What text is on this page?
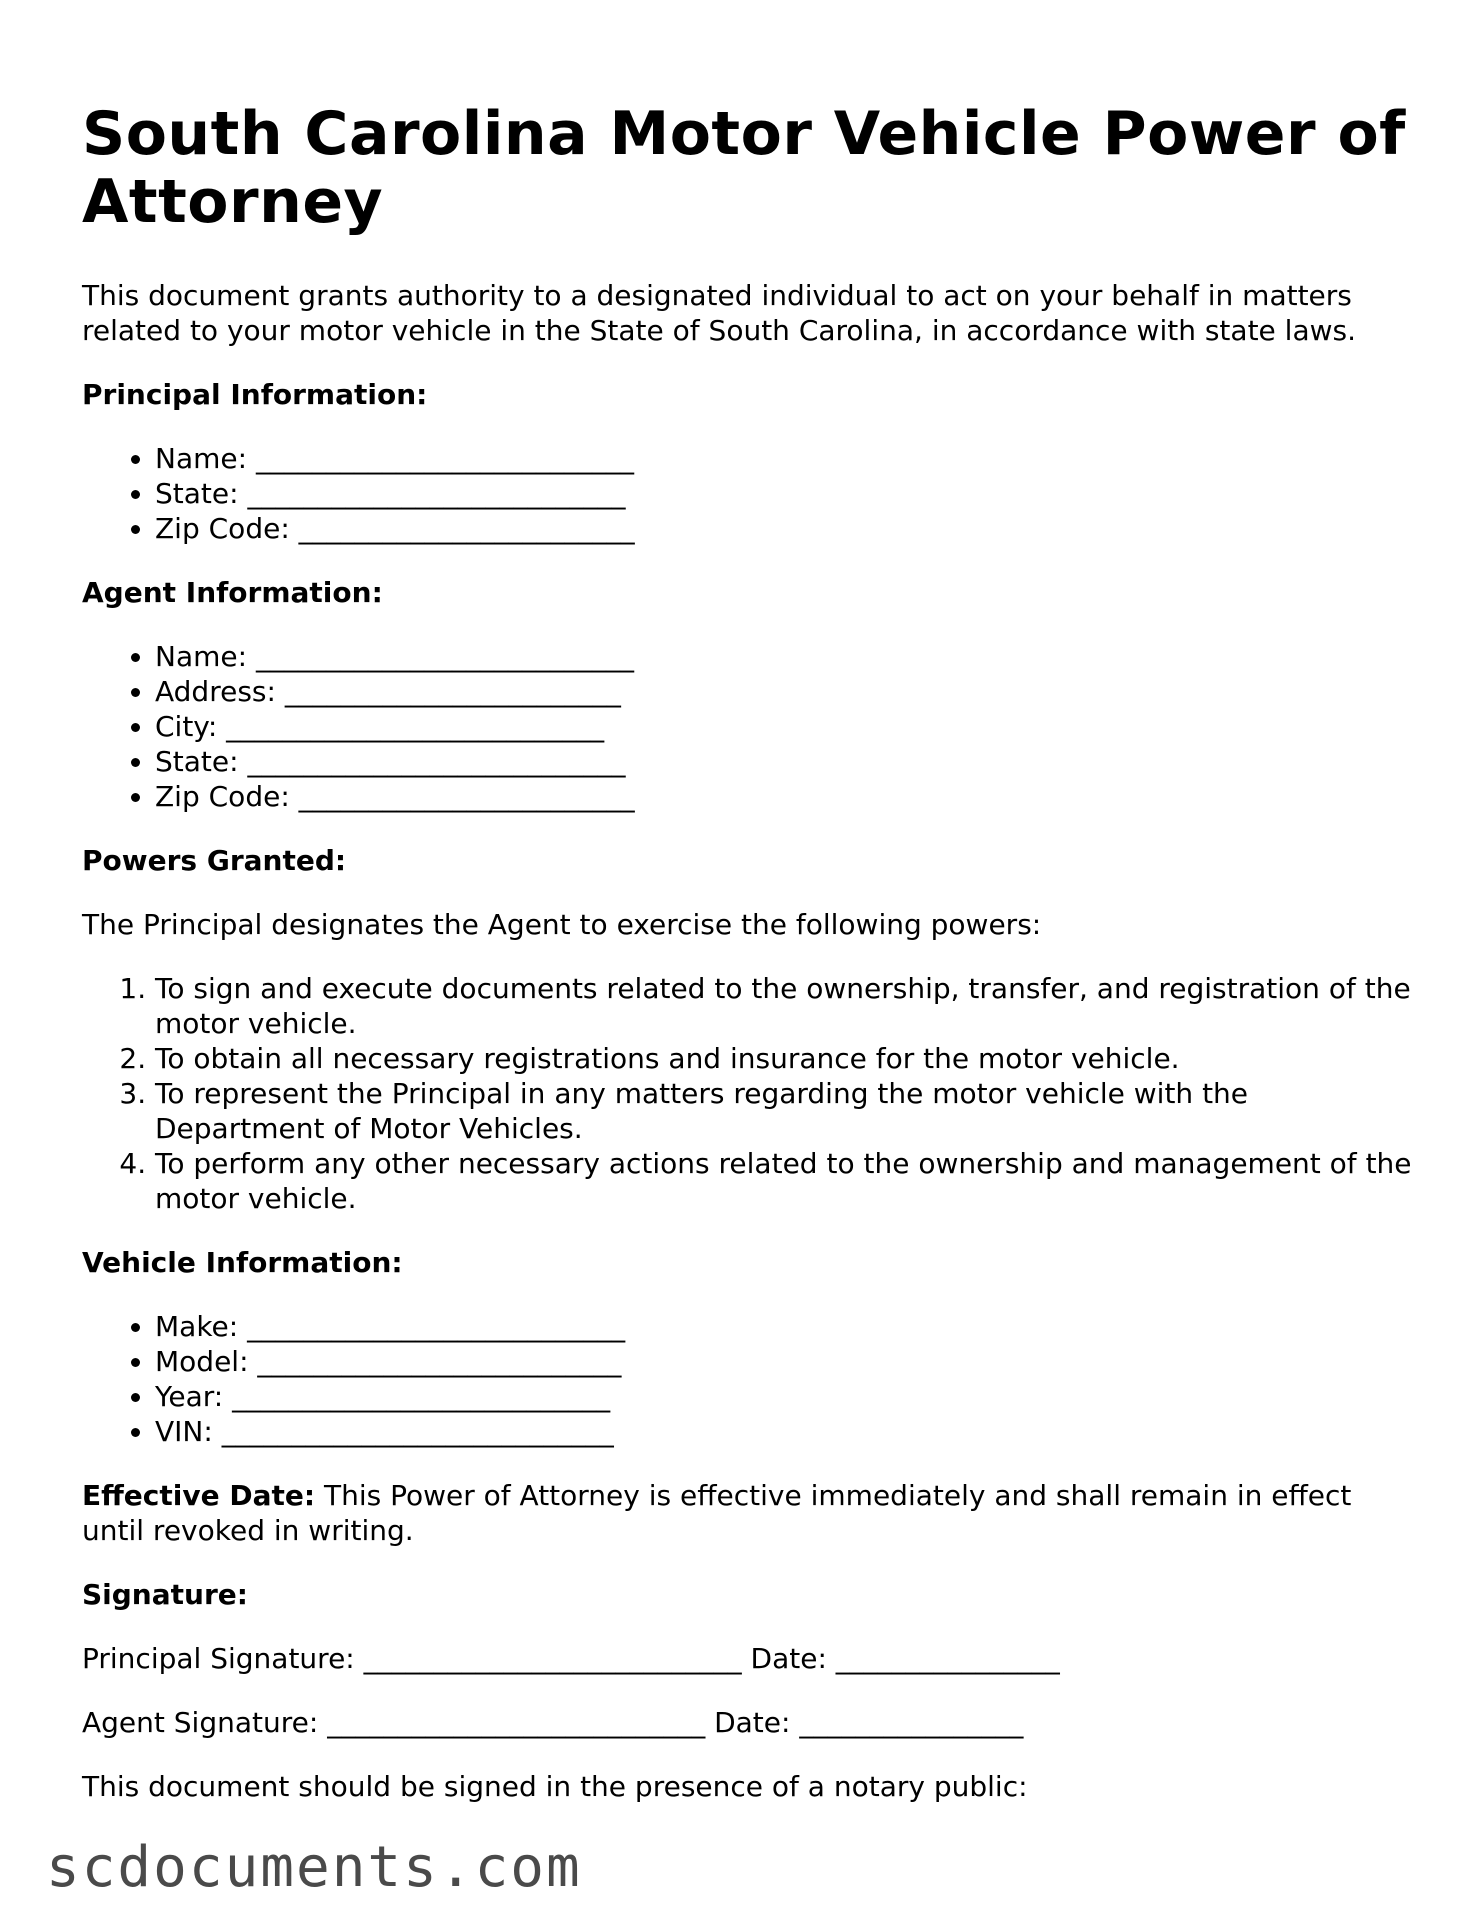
South Carolina Motor Vehicle Power of Attorney

This document grants authority to a designated individual to act on your behalf in matters related to your motor vehicle in the State of South Carolina, in accordance with state laws.

Principal Information:
• Name: ___________________________
• State: ___________________________
• Zip Code: ________________________
Agent Information:
• Name: ___________________________
• Address: ________________________
• City: ___________________________
• State: ___________________________
• Zip Code: ________________________
Powers Granted:

The Principal designates the Agent to exercise the following powers:

1. To sign and execute documents related to the ownership, transfer, and registration of the motor vehicle.
2. To obtain all necessary registrations and insurance for the motor vehicle.
3. To represent the Principal in any matters regarding the motor vehicle with the Department of Motor Vehicles.
4. To perform any other necessary actions related to the ownership and management of the motor vehicle.
Vehicle Information:
• Make: ___________________________
• Model: __________________________
• Year: ___________________________
• VIN: ____________________________

Effective Date: This Power of Attorney is effective immediately and shall remain in effect until revoked in writing.

Signature:

Principal Signature: ___________________________ Date: ________________

Agent Signature: ___________________________ Date: ________________

This document should be signed in the presence of a notary public:

scdocuments.com
